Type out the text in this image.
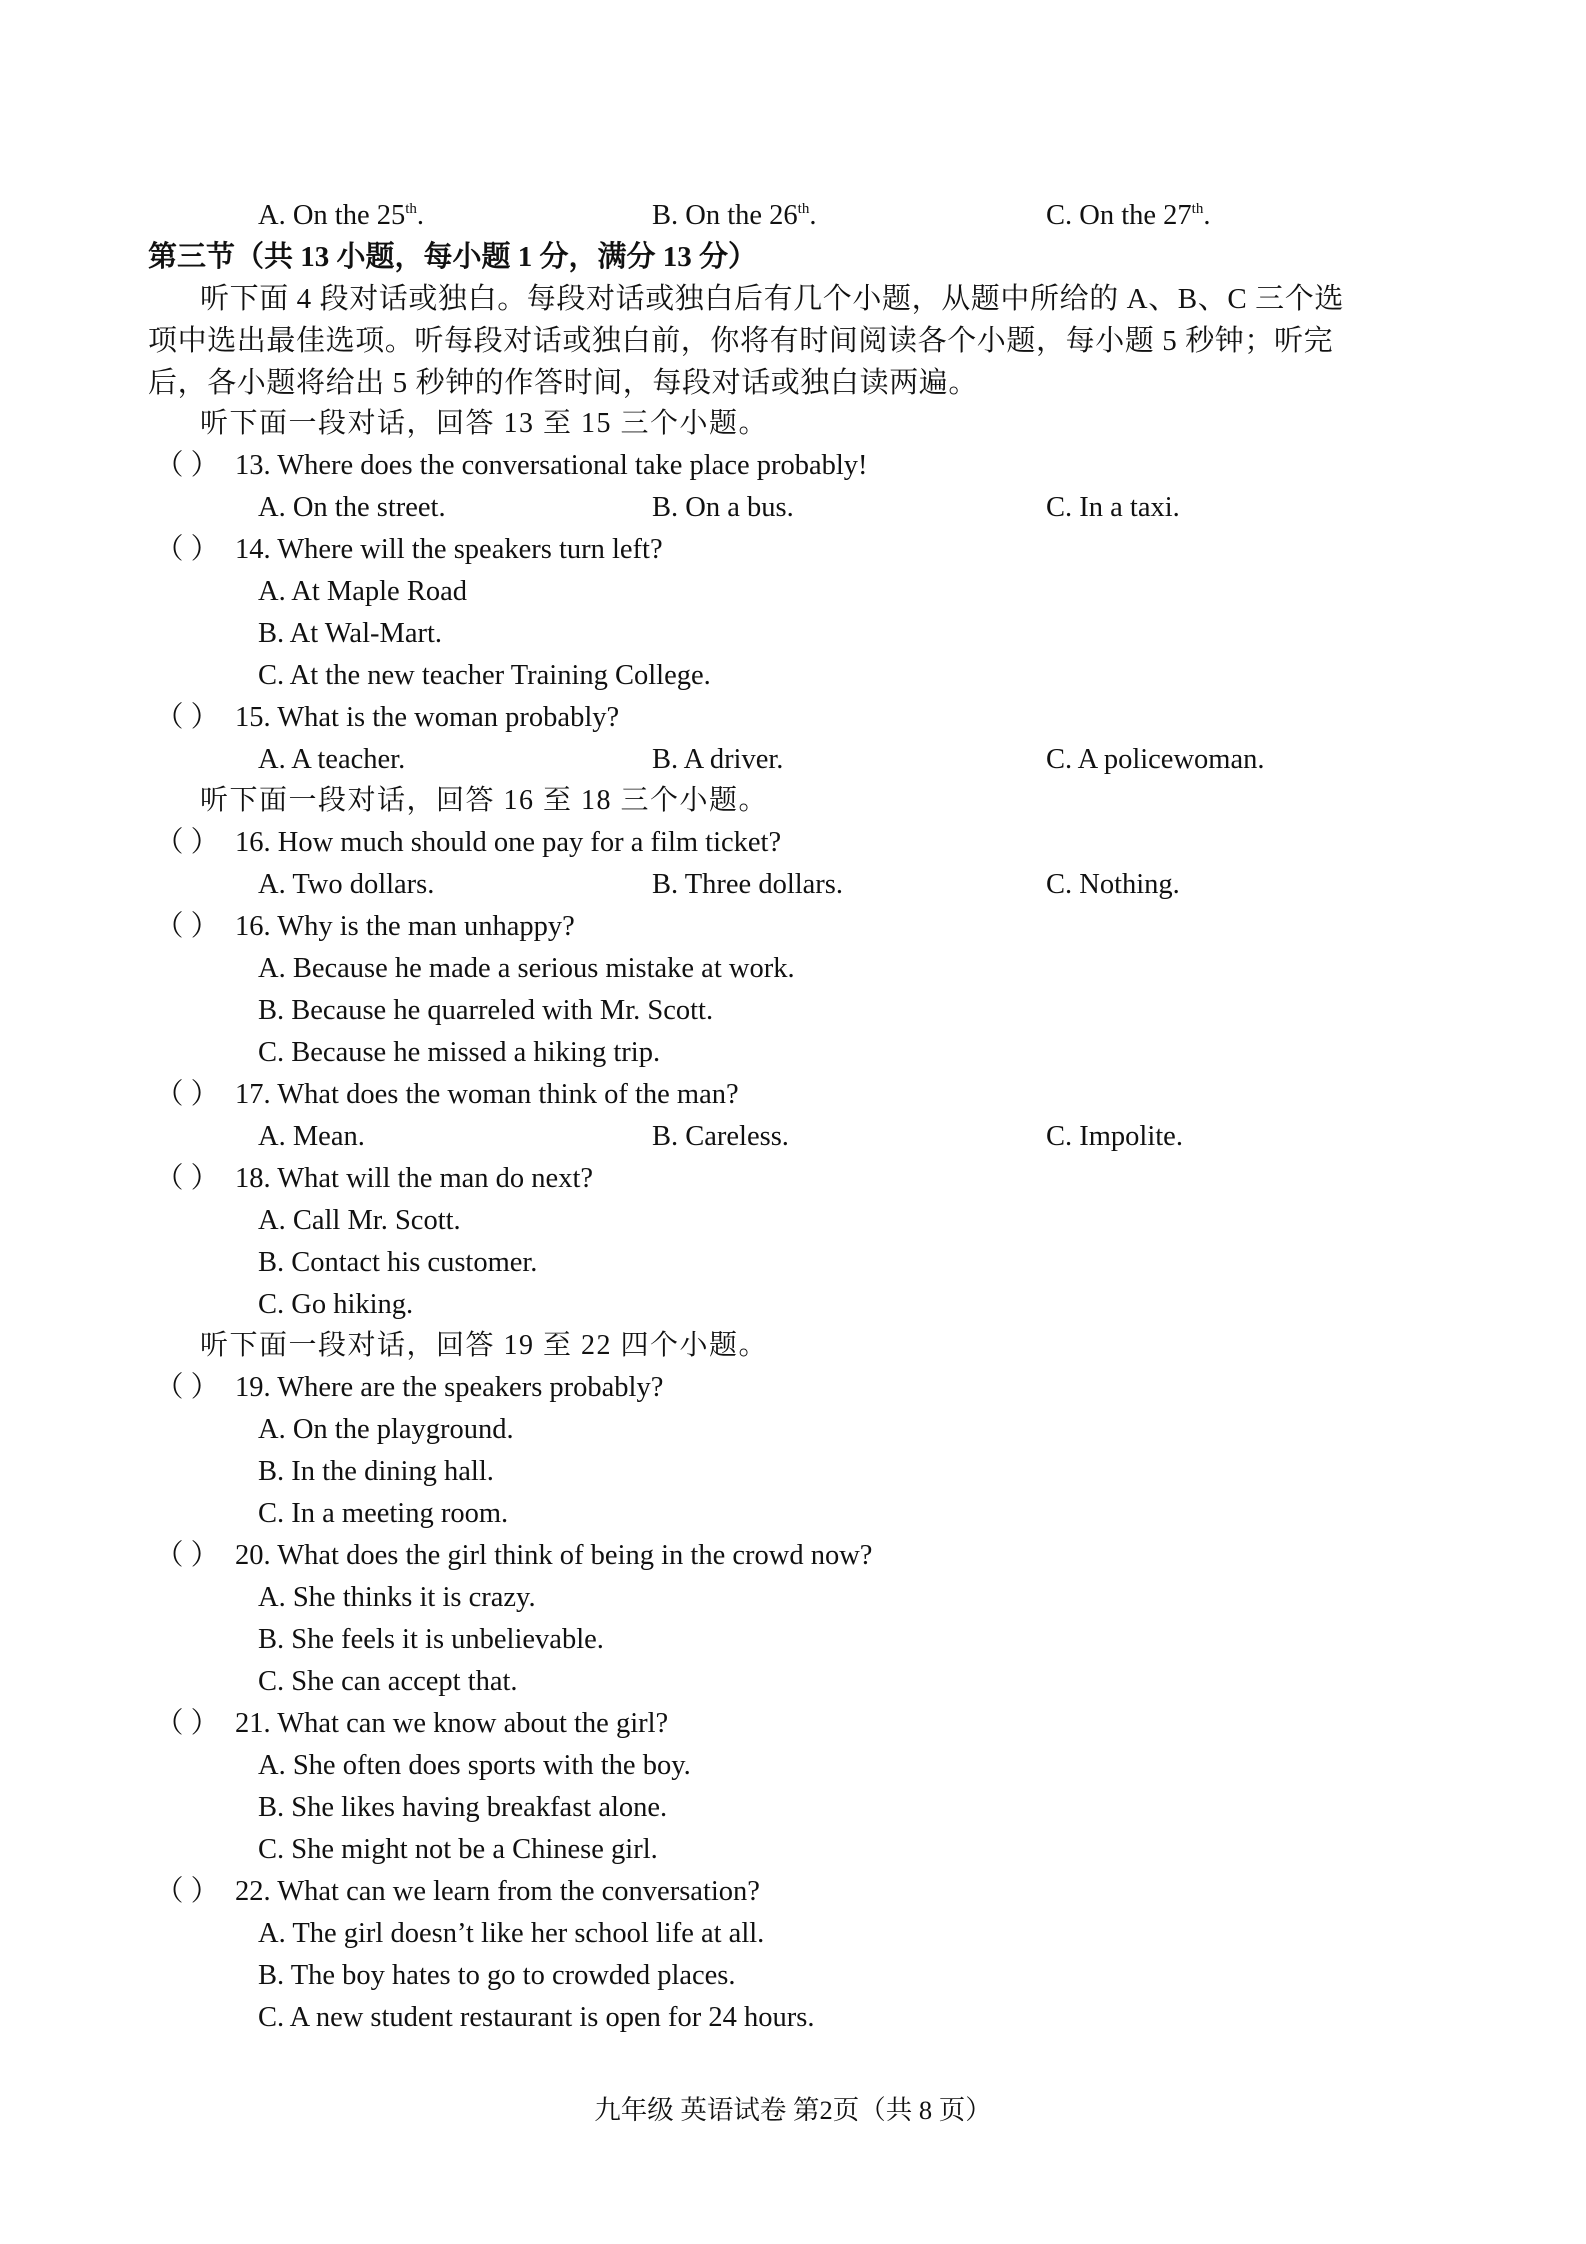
A. On the 25th.	B. On the 26th.	C. On the 27th.
第三节（共 13 小题，每小题 1 分，满分 13 分）
听下面 4 段对话或独白。每段对话或独白后有几个小题，从题中所给的 A、B、C 三个选
项中选出最佳选项。听每段对话或独白前，你将有时间阅读各个小题，每小题 5 秒钟；听完
后，各小题将给出 5 秒钟的作答时间，每段对话或独白读两遍。
听下面一段对话，回答 13 至 15 三个小题。
（ ） 13. Where does the conversational take place probably!
A. On the street.	B. On a bus.	C. In a taxi.
（ ） 14. Where will the speakers turn left?
A. At Maple Road
B. At Wal-Mart.
C. At the new teacher Training College.
（ ） 15. What is the woman probably?
A. A teacher.	B. A driver.	C. A policewoman.
听下面一段对话，回答 16 至 18 三个小题。
（ ） 16. How much should one pay for a film ticket?
A. Two dollars.	B. Three dollars.	C. Nothing.
（ ） 16. Why is the man unhappy?
A. Because he made a serious mistake at work.
B. Because he quarreled with Mr. Scott.
C. Because he missed a hiking trip.
（ ） 17. What does the woman think of the man?
A. Mean.	B. Careless.	C. Impolite.
（ ） 18. What will the man do next?
A. Call Mr. Scott.
B. Contact his customer.
C. Go hiking.
听下面一段对话，回答 19 至 22 四个小题。
（ ） 19. Where are the speakers probably?
A. On the playground.
B. In the dining hall.
C. In a meeting room.
（ ） 20. What does the girl think of being in the crowd now?
A. She thinks it is crazy.
B. She feels it is unbelievable.
C. She can accept that.
（ ） 21. What can we know about the girl?
A. She often does sports with the boy.
B. She likes having breakfast alone.
C. She might not be a Chinese girl.
（ ） 22. What can we learn from the conversation?
A. The girl doesn’t like her school life at all.
B. The boy hates to go to crowded places.
C. A new student restaurant is open for 24 hours.
九年级 英语试卷 第2页（共 8 页）
